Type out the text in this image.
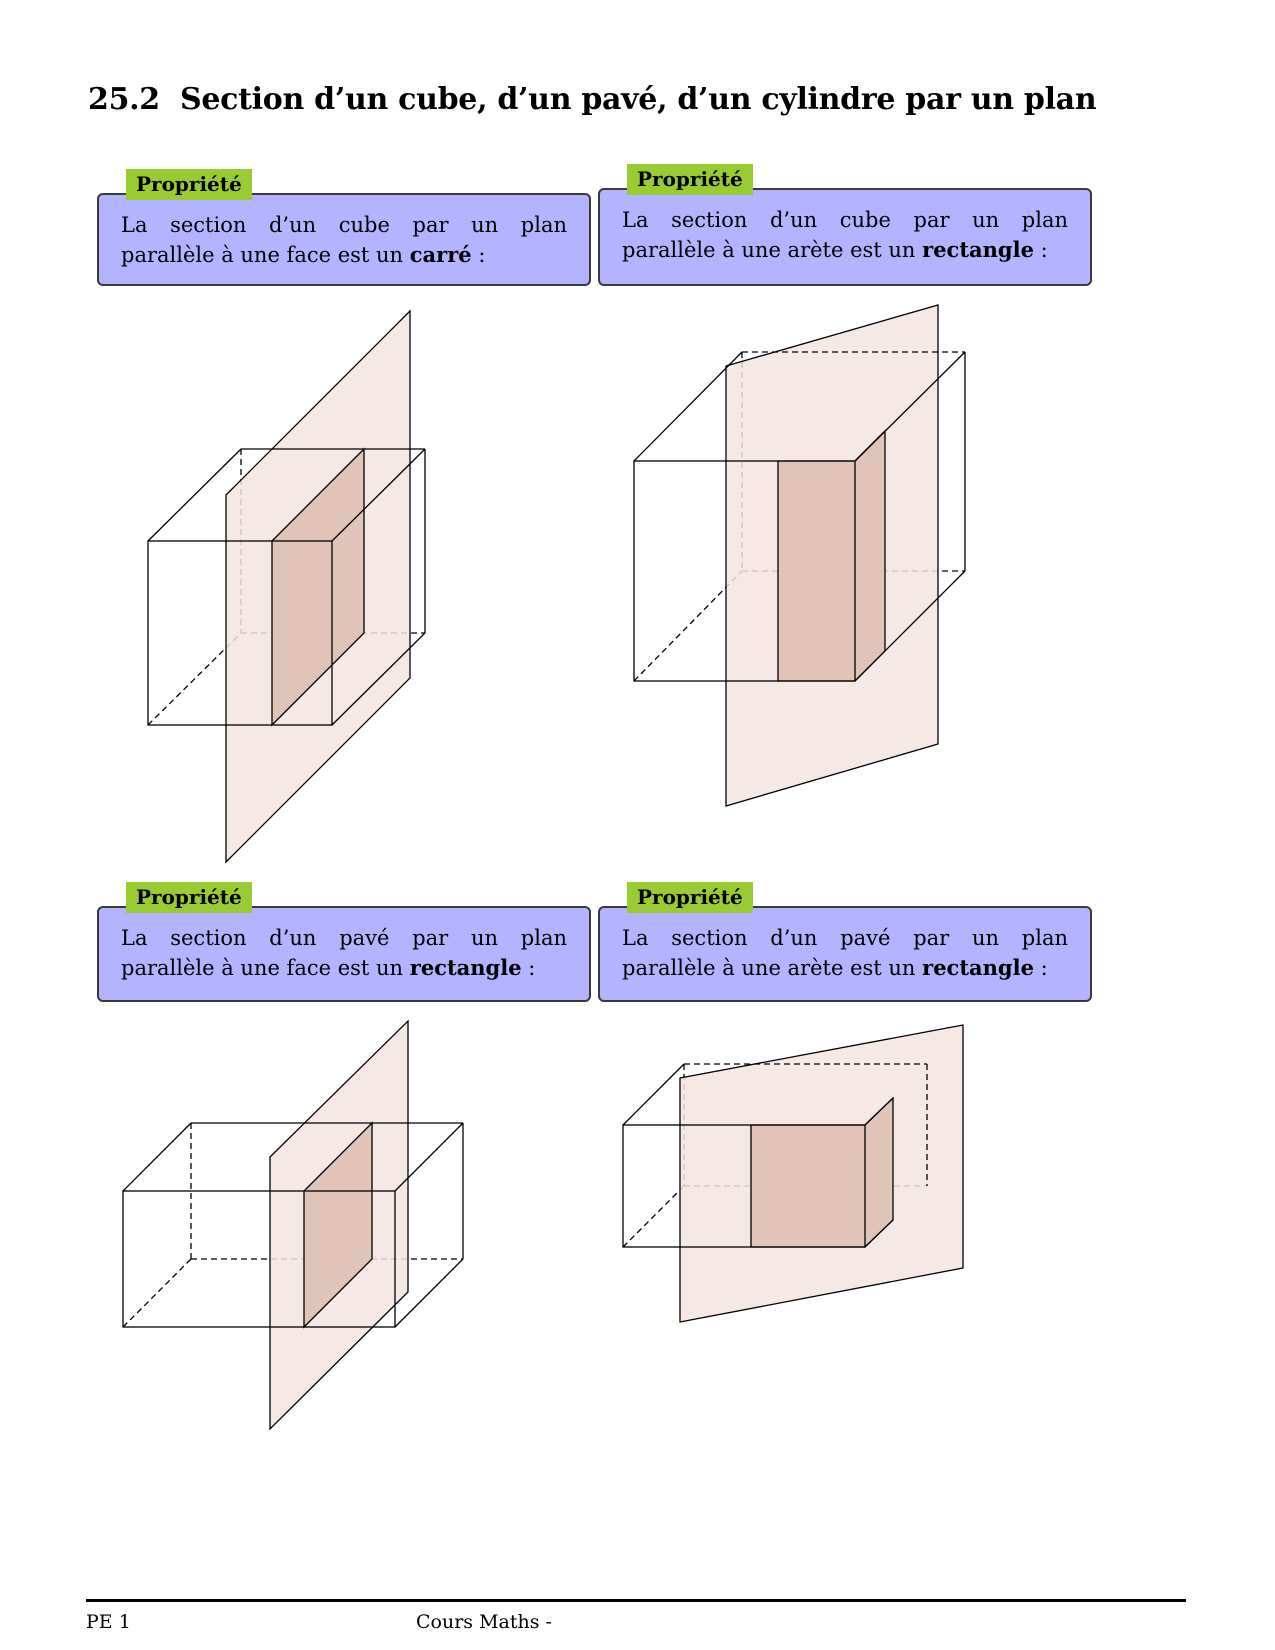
25.2 Section d’un cube, d’un pavé, d’un cylindre par un plan
La section d’un cube par un plan parallèle à une face est un carré :
Propriété
La section d’un cube par un plan parallèle à une arète est un rectangle :
Propriété
La section d’un pavé par un plan parallèle à une face est un rectangle :
Propriété
La section d’un pavé par un plan parallèle à une arète est un rectangle :
Propriété
PE 1	Cours Maths -
